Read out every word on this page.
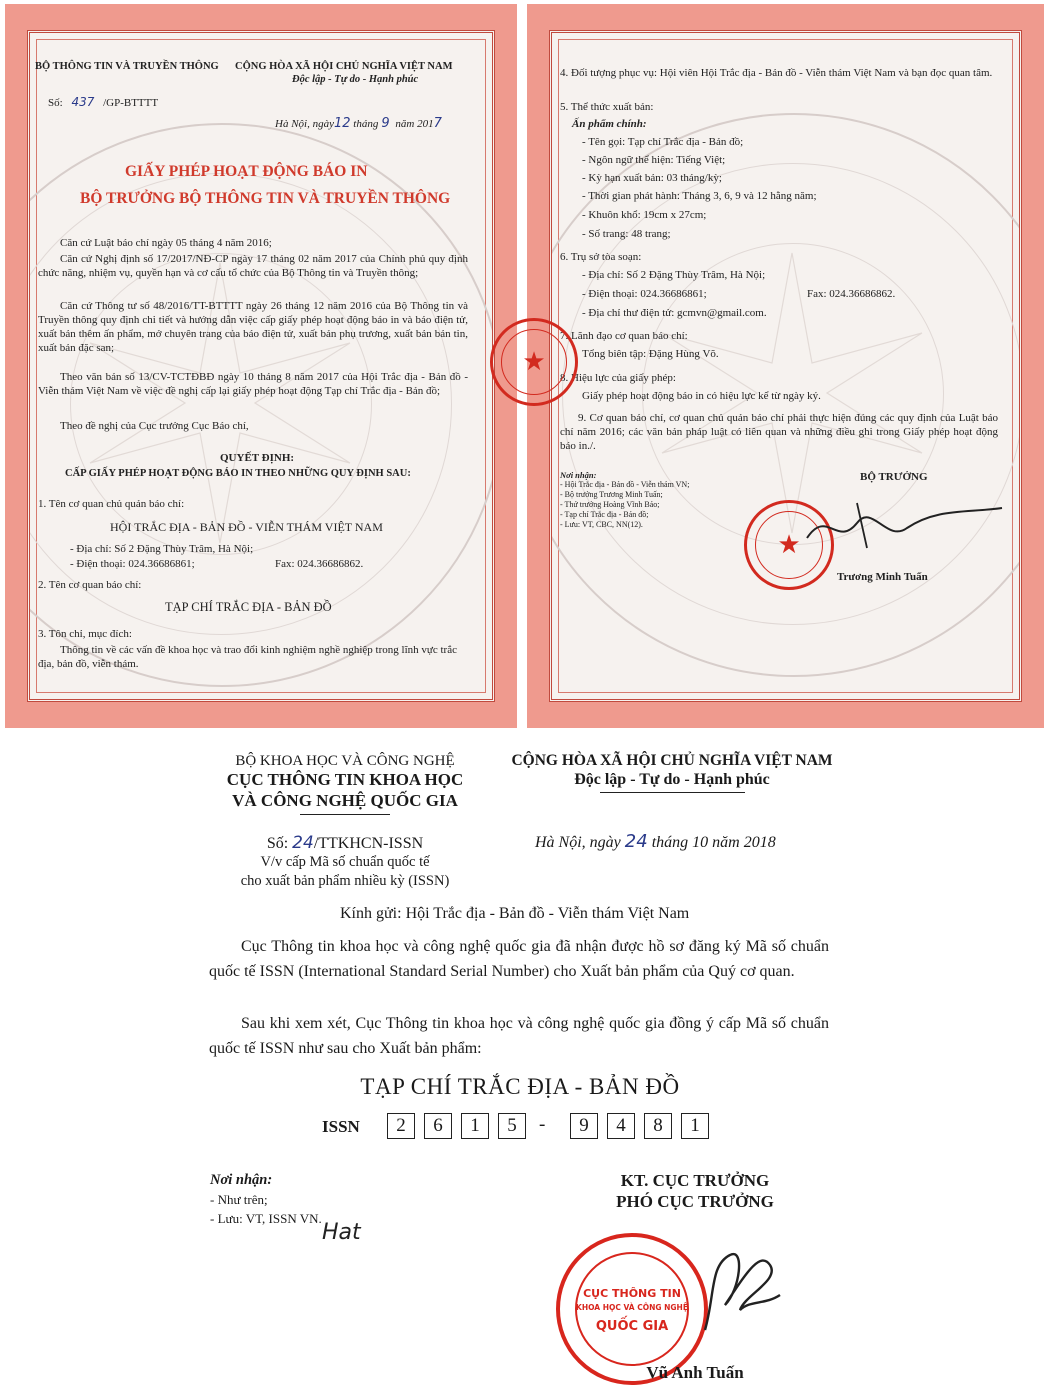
BỘ THÔNG TIN VÀ TRUYỀN THÔNG CỘNG HÒA XÃ HỘI CHỦ NGHĨA VIỆT NAM
Độc lập - Tự do - Hạnh phúc
Số: 437 /GP-BTTTT
Hà Nội, ngày12 tháng 9 năm 2017
GIẤY PHÉP HOẠT ĐỘNG BÁO IN
BỘ TRƯỞNG BỘ THÔNG TIN VÀ TRUYỀN THÔNG
Căn cứ Luật báo chí ngày 05 tháng 4 năm 2016;
Căn cứ Nghị định số 17/2017/NĐ-CP ngày 17 tháng 02 năm 2017 của Chính phủ quy định chức năng, nhiệm vụ, quyền hạn và cơ cấu tổ chức của Bộ Thông tin và Truyền thông;
Căn cứ Thông tư số 48/2016/TT-BTTTT ngày 26 tháng 12 năm 2016 của Bộ Thông tin và Truyền thông quy định chi tiết và hướng dẫn việc cấp giấy phép hoạt động báo in và báo điện tử, xuất bản thêm ấn phẩm, mở chuyên trang của báo điện tử, xuất bản phụ trương, xuất bản bản tin, xuất bản đặc san;
Theo văn bản số 13/CV-TCTĐBĐ ngày 10 tháng 8 năm 2017 của Hội Trắc địa - Bản đồ - Viễn thám Việt Nam về việc đề nghị cấp lại giấy phép hoạt động Tạp chí Trắc địa - Bản đồ;
Theo đề nghị của Cục trưởng Cục Báo chí,
QUYẾT ĐỊNH:
CẤP GIẤY PHÉP HOẠT ĐỘNG BÁO IN THEO NHỮNG QUY ĐỊNH SAU:
1. Tên cơ quan chủ quản báo chí:
HỘI TRẮC ĐỊA - BẢN ĐỒ - VIỄN THÁM VIỆT NAM
- Địa chỉ: Số 2 Đặng Thùy Trâm, Hà Nội;
- Điện thoại: 024.36686861;	Fax: 024.36686862.
2. Tên cơ quan báo chí:
TẠP CHÍ TRẮC ĐỊA - BẢN ĐỒ
3. Tôn chỉ, mục đích:
Thông tin về các vấn đề khoa học và trao đổi kinh nghiệm nghề nghiệp trong lĩnh vực trắc địa, bản đồ, viễn thám.
4. Đối tượng phục vụ: Hội viên Hội Trắc địa - Bản đồ - Viễn thám Việt Nam và bạn đọc quan tâm.
5. Thể thức xuất bản:
Ấn phẩm chính:
- Tên gọi: Tạp chí Trắc địa - Bản đồ;
- Ngôn ngữ thể hiện: Tiếng Việt;
- Kỳ hạn xuất bản: 03 tháng/kỳ;
- Thời gian phát hành: Tháng 3, 6, 9 và 12 hằng năm;
- Khuôn khổ: 19cm x 27cm;
- Số trang: 48 trang;
6. Trụ sở tòa soạn:
- Địa chỉ: Số 2 Đặng Thùy Trâm, Hà Nội;
- Điện thoại: 024.36686861;	Fax: 024.36686862.
- Địa chỉ thư điện tử: gcmvn@gmail.com.
7. Lãnh đạo cơ quan báo chí:
Tổng biên tập: Đặng Hùng Võ.
8. Hiệu lực của giấy phép:
Giấy phép hoạt động báo in có hiệu lực kể từ ngày ký.
9. Cơ quan báo chí, cơ quan chủ quản báo chí phải thực hiện đúng các quy định của Luật báo chí năm 2016; các văn bản pháp luật có liên quan và những điều ghi trong Giấy phép hoạt động báo in./.
Nơi nhận:
- Hội Trắc địa - Bản đồ - Viễn thám VN;
- Bộ trưởng Trương Minh Tuấn;
- Thứ trưởng Hoàng Vĩnh Bảo;
- Tạp chí Trắc địa - Bản đồ;
- Lưu: VT, CBC, NN(12).
BỘ TRƯỞNG
★
Trương Minh Tuấn
★
BỘ KHOA HỌC VÀ CÔNG NGHỆ
CỤC THÔNG TIN KHOA HỌC
VÀ CÔNG NGHỆ QUỐC GIA
CỘNG HÒA XÃ HỘI CHỦ NGHĨA VIỆT NAM
Độc lập - Tự do - Hạnh phúc
Số: 24/TTKHCN-ISSN
V/v cấp Mã số chuẩn quốc tế
cho xuất bản phẩm nhiều kỳ (ISSN)
Hà Nội, ngày 24 tháng 10 năm 2018
Kính gửi: Hội Trắc địa - Bản đồ - Viễn thám Việt Nam
Cục Thông tin khoa học và công nghệ quốc gia đã nhận được hồ sơ đăng ký Mã số chuẩn quốc tế ISSN (International Standard Serial Number) cho Xuất bản phẩm của Quý cơ quan.
Sau khi xem xét, Cục Thông tin khoa học và công nghệ quốc gia đồng ý cấp Mã số chuẩn quốc tế ISSN như sau cho Xuất bản phẩm:
TẠP CHÍ TRẮC ĐỊA - BẢN ĐỒ
ISSN	2	6	1	5	-	9	4	8	1
Nơi nhận:
- Như trên;
- Lưu: VT, ISSN VN.
Hat
KT. CỤC TRƯỞNG
PHÓ CỤC TRƯỞNG
CỤC THÔNG TIN
KHOA HỌC VÀ CÔNG NGHỆ
QUỐC GIA
Vũ Anh Tuấn
